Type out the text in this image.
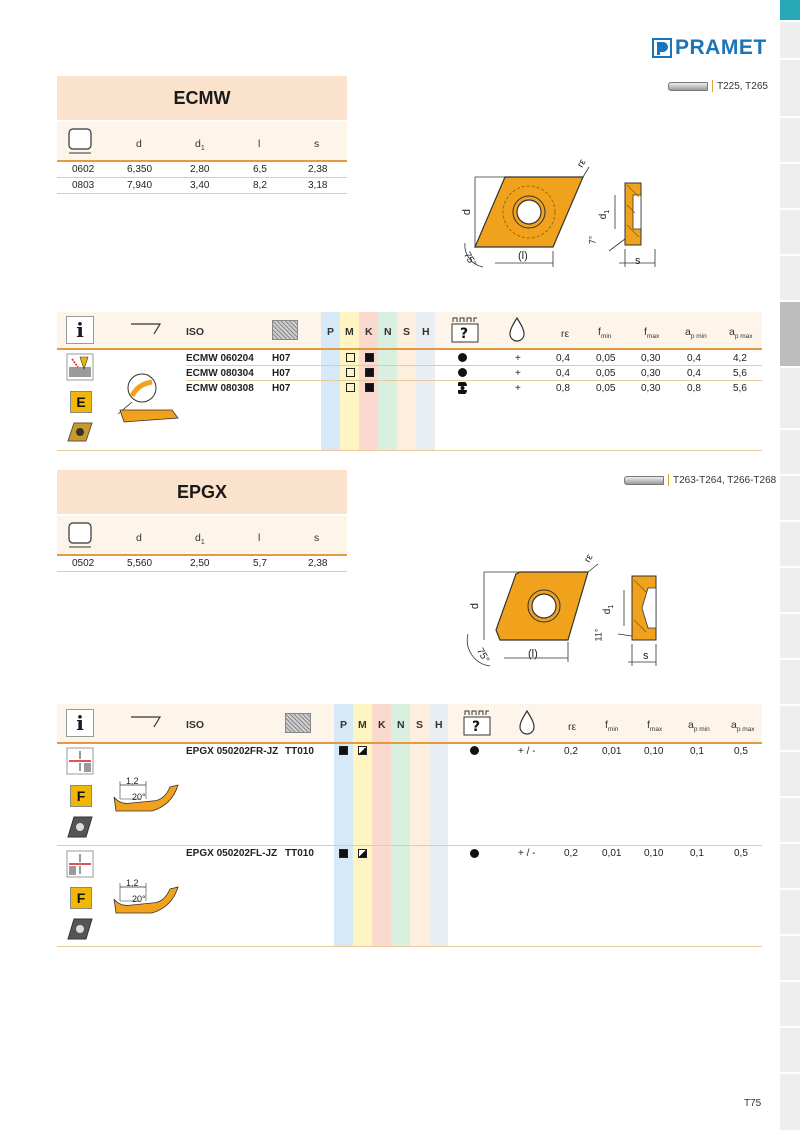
PRAMET
T225, T265
ECMW
d	$d_1$	l	s
0602	6,350	2,80	6,5	2,38
0803	7,940	3,40	8,2	3,18
d
(l)
75°
rε
$d_1$
7°
s
i	ISO	P M K N S H ?	rε	$f_{min}$	$f_{max}$ $a_{p min}$ $a_{p max}$
ECMW 060204 H07	+	0,4	0,05	0,30	0,4	4,2
ECMW 080304 H07	+	0,4	0,05	0,30	0,4	5,6
ECMW 080308 H07	+	0,8	0,05	0,30	0,8	5,6
E
T263-T264, T266-T268
EPGX
d	$d_1$	l	s
0502	5,560	2,50	5,7	2,38
d
(l)
75°
rε
$d_1$
11°
s
i	ISO	P M K N S H ?	rε	$f_{min}$	$f_{max}$ $a_{p min}$ $a_{p max}$
EPGX 050202FR-JZ TT010	+ / -	0,2 0,01 0,10	0,1	0,5
F
1,2
20°
EPGX 050202FL-JZ TT010	+ / -	0,2 0,01 0,10	0,1	0,5
F
1,2
20°
T75
